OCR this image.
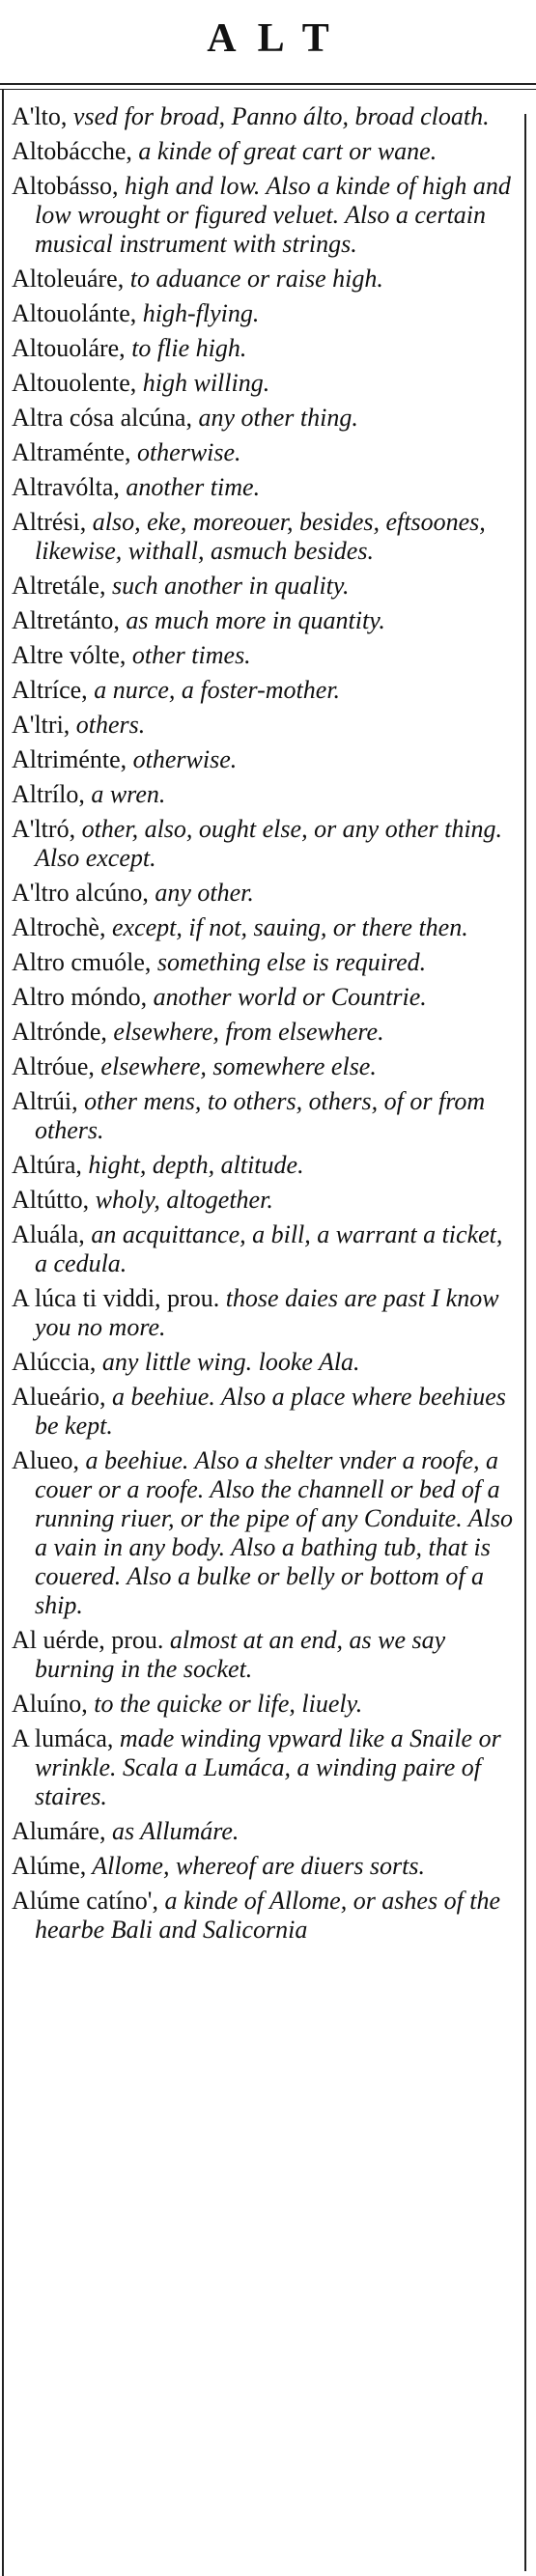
ALT

A'lto, vsed for broad, Panno álto, broad cloath.

Altobácche, a kinde of great cart or wane.

Altobásso, high and low. Also a kinde of high and low wrought or figured veluet. Also a certain musical instrument with strings.

Altoleuáre, to aduance or raise high.

Altouolánte, high-flying.

Altouoláre, to flie high.

Altouolente, high willing.

Altra cósa alcúna, any other thing.

Altraménte, otherwise.

Altravólta, another time.

Altrési, also, eke, moreouer, besides, eftsoones, likewise, withall, asmuch besides.

Altretále, such another in quality.

Altretánto, as much more in quantity.

Altre vólte, other times.

Altríce, a nurce, a foster-mother.

A'ltri, others.

Altriménte, otherwise.

Altrílo, a wren.

A'ltró, other, also, ought else, or any other thing. Also except.

A'ltro alcúno, any other.

Altrochè, except, if not, sauing, or there then.

Altro cmuóle, something else is required.

Altro móndo, another world or Countrie.

Altrónde, elsewhere, from elsewhere.

Altróue, elsewhere, somewhere else.

Altrúi, other mens, to others, others, of or from others.

Altúra, hight, depth, altitude.

Altútto, wholy, altogether.

Aluála, an acquittance, a bill, a warrant a ticket, a cedula.

A lúca ti viddi, prou. those daies are past I know you no more.

Alúccia, any little wing. looke Ala.

Alueário, a beehiue. Also a place where beehiues be kept.

Alueo, a beehiue. Also a shelter vnder a roofe, a couer or a roofe. Also the channell or bed of a running riuer, or the pipe of any Conduite. Also a vain in any body. Also a bathing tub, that is couered. Also a bulke or belly or bottom of a ship.

Al uérde, prou. almost at an end, as we say burning in the socket.

Aluíno, to the quicke or life, liuely.

A lumáca, made winding vpward like a Snaile or wrinkle. Scala a Lumáca, a winding paire of staires.

Alumáre, as Allumáre.

Alúme, Allome, whereof are diuers sorts.

Alúme catíno', a kinde of Allome, or ashes of the hearbe Bali and Salicornia
